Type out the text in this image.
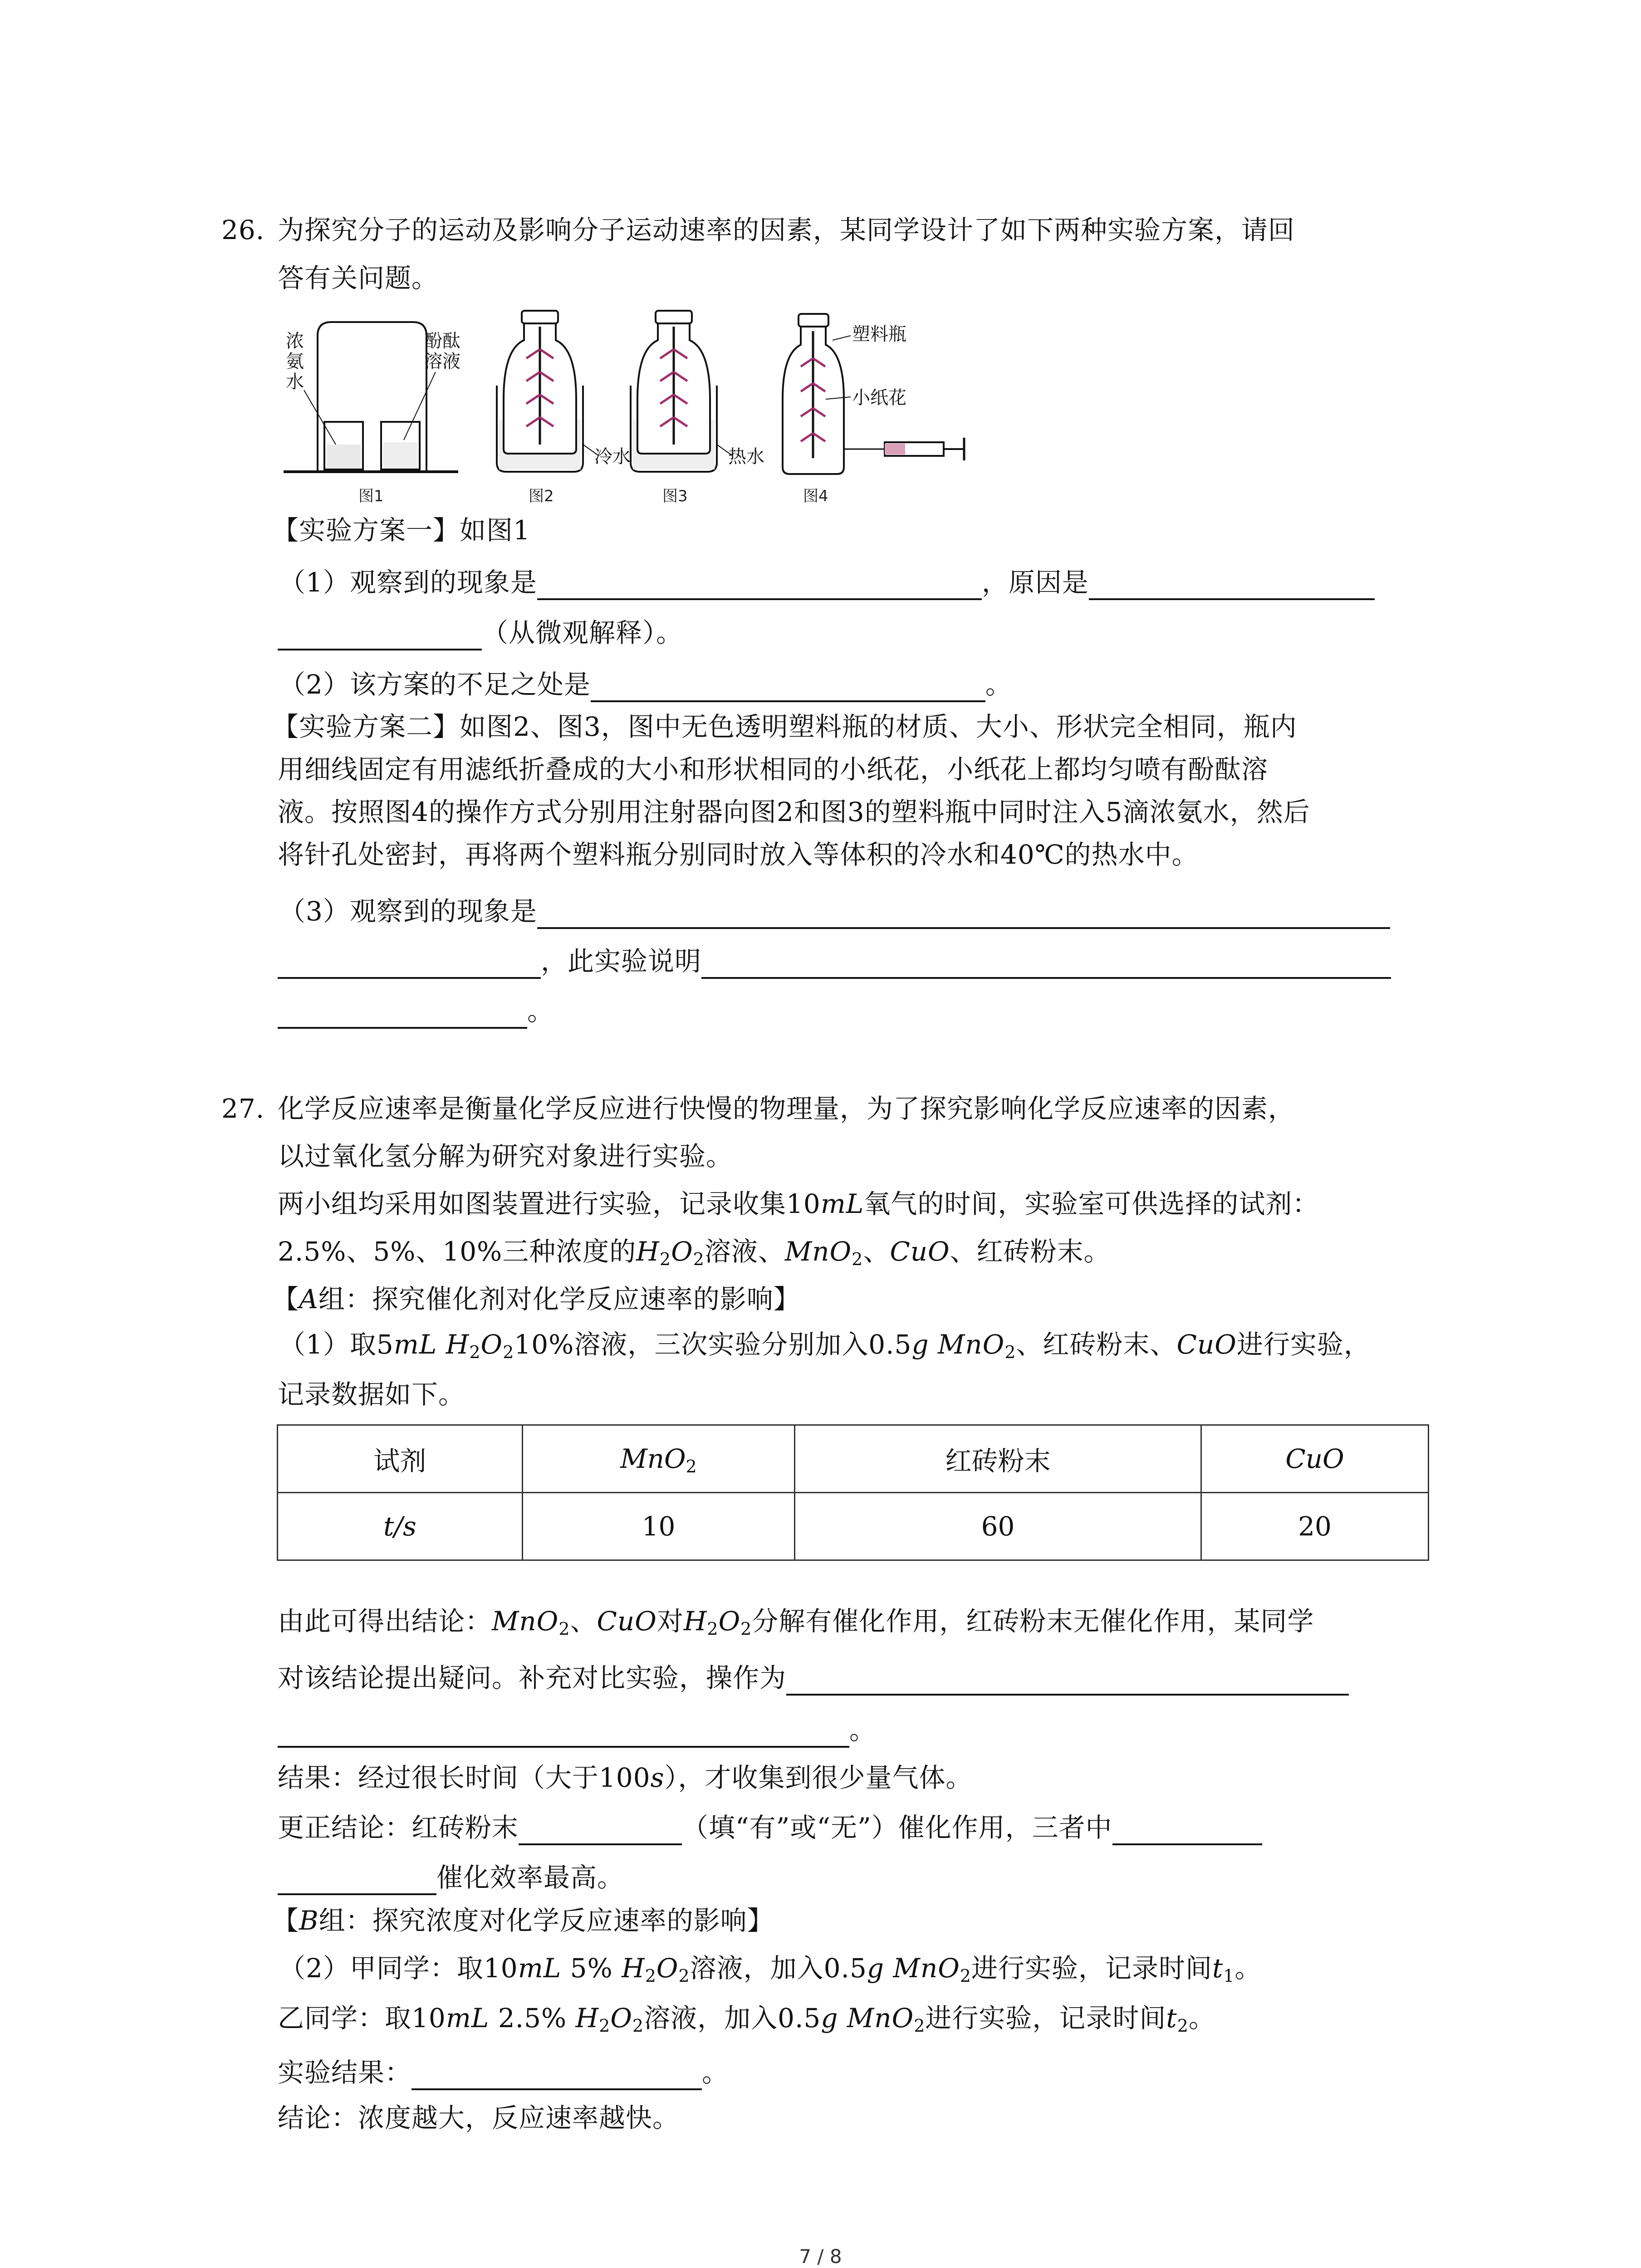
26. 为探究分子的运动及影响分子运动速率的因素，某同学设计了如下两种实验方案，请回
答有关问题。
浓
氨
水
酚酞
溶液
图1
冷水
图2
热水
图3
塑料瓶
小纸花
图4
【实验方案一】如图1
（1）观察到的现象是	，原因是
（从微观解释）。
（2）该方案的不足之处是	。
【实验方案二】如图2、图3，图中无色透明塑料瓶的材质、大小、形状完全相同，瓶内
用细线固定有用滤纸折叠成的大小和形状相同的小纸花，小纸花上都均匀喷有酚酞溶
液。按照图4的操作方式分别用注射器向图2和图3的塑料瓶中同时注入5滴浓氨水，然后
将针孔处密封，再将两个塑料瓶分别同时放入等体积的冷水和40℃的热水中。
（3）观察到的现象是
，此实验说明
。
27. 化学反应速率是衡量化学反应进行快慢的物理量，为了探究影响化学反应速率的因素，
以过氧化氢分解为研究对象进行实验。
两小组均采用如图装置进行实验，记录收集10mL氧气的时间，实验室可供选择的试剂：
2.5%、5%、10%三种浓度的$H_2O_2$溶液、MnO$_2$、CuO、红砖粉末。
【A组：探究催化剂对化学反应速率的影响】
（1）取5mL $H_2O_210\%$溶液，三次实验分别加入0.5g MnO$_2$、红砖粉末、CuO进行实验，
记录数据如下。
试剂	MnO$_2$	红砖粉末	CuO
t/s	10	60	20
由此可得出结论：MnO$_2$、CuO对$H_2O_2$分解有催化作用，红砖粉末无催化作用，某同学
对该结论提出疑问。补充对比实验，操作为
。
结果：经过很长时间（大于100s），才收集到很少量气体。
更正结论：红砖粉末	（填“有”或“无”）催化作用，三者中
催化效率最高。
【B组：探究浓度对化学反应速率的影响】
（2）甲同学：取10mL 5% $H_2O_2$溶液，加入0.5g MnO$_2$进行实验，记录时间$t_1$。
乙同学：取10mL 2.5% $H_2O_2$溶液，加入0.5g MnO$_2$进行实验，记录时间$t_2$。
实验结果：	。
结论：浓度越大，反应速率越快。
7 / 8
